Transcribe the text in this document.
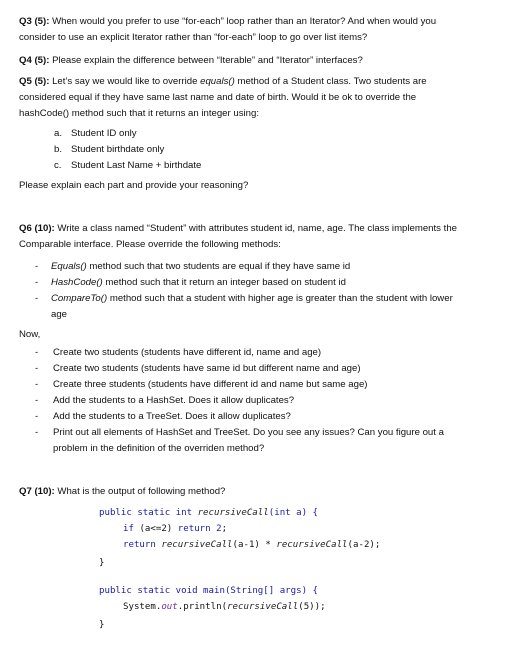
Q3 (5): When would you prefer to use “for-each” loop rather than an Iterator? And when would you

consider to use an explicit Iterator rather than “for-each” loop to go over list items?

Q4 (5): Please explain the difference between “Iterable” and “Iterator” interfaces?

Q5 (5): Let’s say we would like to override equals() method of a Student class. Two students are

considered equal if they have same last name and date of birth. Would it be ok to override the

hashCode() method such that it returns an integer using:

a. Student ID only
b. Student birthdate only
c. Student Last Name + birthdate

Please explain each part and provide your reasoning?

Q6 (10): Write a class named “Student” with attributes student id, name, age. The class implements the

Comparable interface. Please override the following methods:

- Equals() method such that two students are equal if they have same id
- HashCode() method such that it return an integer based on student id
- CompareTo() method such that a student with higher age is greater than the student with lower
age

Now,

- Create two students (students have different id, name and age)
- Create two students (students have same id but different name and age)
- Create three students (students have different id and name but same age)
- Add the students to a HashSet. Does it allow duplicates?
- Add the students to a TreeSet. Does it allow duplicates?
- Print out all elements of HashSet and TreeSet. Do you see any issues? Can you figure out a
problem in the definition of the overriden method?

Q7 (10): What is the output of following method?

public static int recursiveCall(int a) {
if (a<=2) return 2;
return recursiveCall(a-1) * recursiveCall(a-2);
}
public static void main(String[] args) {
System.out.println(recursiveCall(5));
}
